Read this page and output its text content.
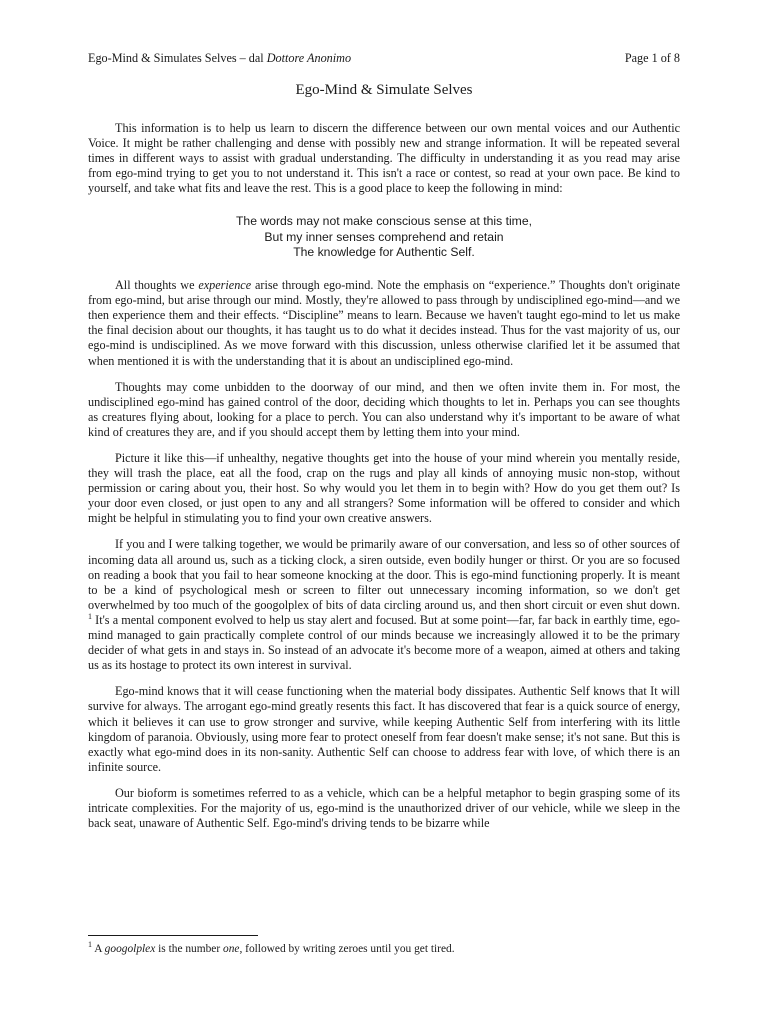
Ego-Mind & Simulates Selves – dal Dottore Anonimo	Page 1 of 8
Ego-Mind & Simulate Selves

This information is to help us learn to discern the difference between our own mental voices and our Authentic Voice. It might be rather challenging and dense with possibly new and strange information. It will be repeated several times in different ways to assist with gradual understanding. The difficulty in understanding it as you read may arise from ego-mind trying to get you to not understand it. This isn't a race or contest, so read at your own pace. Be kind to yourself, and take what fits and leave the rest. This is a good place to keep the following in mind:

The words may not make conscious sense at this time,
But my inner senses comprehend and retain
The knowledge for Authentic Self.

All thoughts we experience arise through ego-mind. Note the emphasis on “experience.” Thoughts don't originate from ego-mind, but arise through our mind. Mostly, they're allowed to pass through by undisciplined ego-mind—and we then experience them and their effects. “Discipline” means to learn. Because we haven't taught ego-mind to let us make the final decision about our thoughts, it has taught us to do what it decides instead. Thus for the vast majority of us, our ego-mind is undisciplined. As we move forward with this discussion, unless otherwise clarified let it be assumed that when mentioned it is with the understanding that it is about an undisciplined ego-mind.

Thoughts may come unbidden to the doorway of our mind, and then we often invite them in. For most, the undisciplined ego-mind has gained control of the door, deciding which thoughts to let in. Perhaps you can see thoughts as creatures flying about, looking for a place to perch. You can also understand why it's important to be aware of what kind of creatures they are, and if you should accept them by letting them into your mind.

Picture it like this—if unhealthy, negative thoughts get into the house of your mind wherein you mentally reside, they will trash the place, eat all the food, crap on the rugs and play all kinds of annoying music non-stop, without permission or caring about you, their host. So why would you let them in to begin with? How do you get them out? Is your door even closed, or just open to any and all strangers? Some information will be offered to consider and which might be helpful in stimulating you to find your own creative answers.

If you and I were talking together, we would be primarily aware of our conversation, and less so of other sources of incoming data all around us, such as a ticking clock, a siren outside, even bodily hunger or thirst. Or you are so focused on reading a book that you fail to hear someone knocking at the door. This is ego-mind functioning properly. It is meant to be a kind of psychological mesh or screen to filter out unnecessary incoming information, so we don't get overwhelmed by too much of the googolplex of bits of data circling around us, and then short circuit or even shut down. $^1$ It's a mental component evolved to help us stay alert and focused. But at some point—far, far back in earthly time, ego-mind managed to gain practically complete control of our minds because we increasingly allowed it to be the primary decider of what gets in and stays in. So instead of an advocate it's become more of a weapon, aimed at others and taking us as its hostage to protect its own interest in survival.

Ego-mind knows that it will cease functioning when the material body dissipates. Authentic Self knows that It will survive for always. The arrogant ego-mind greatly resents this fact. It has discovered that fear is a quick source of energy, which it believes it can use to grow stronger and survive, while keeping Authentic Self from interfering with its little kingdom of paranoia. Obviously, using more fear to protect oneself from fear doesn't make sense; it's not sane. But this is exactly what ego-mind does in its non-sanity. Authentic Self can choose to address fear with love, of which there is an infinite source.

Our bioform is sometimes referred to as a vehicle, which can be a helpful metaphor to begin grasping some of its intricate complexities. For the majority of us, ego-mind is the unauthorized driver of our vehicle, while we sleep in the back seat, unaware of Authentic Self. Ego-mind's driving tends to be bizarre while

$^1$ A googolplex is the number one, followed by writing zeroes until you get tired.
